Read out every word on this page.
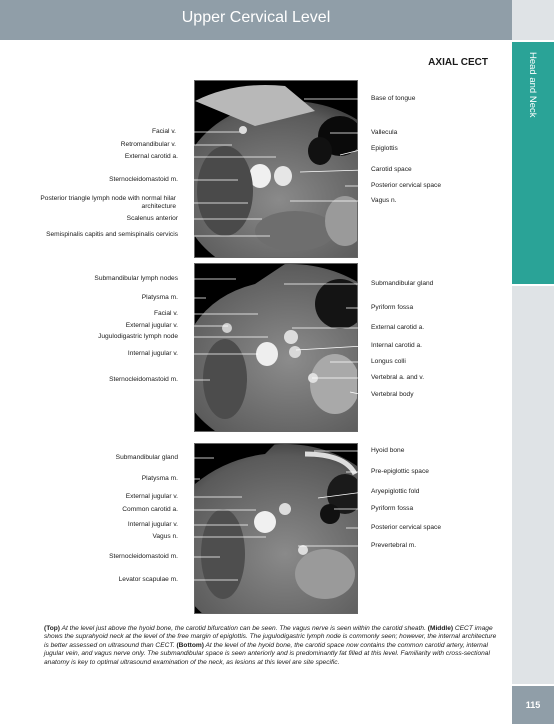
Upper Cervical Level
Head and Neck
115
AXIAL CECT
Facial v.
Retromandibular v.
External carotid a.
Sternocleidomastoid m.
Posterior triangle lymph node with normal hilar architecture
Scalenus anterior
Semispinalis capitis and semispinalis cervicis
Base of tongue
Vallecula
Epiglottis
Carotid space
Posterior cervical space
Vagus n.
Submandibular lymph nodes
Platysma m.
Facial v.
External jugular v.
Jugulodigastric lymph node
Internal jugular v.
Sternocleidomastoid m.
Submandibular gland
Pyriform fossa
External carotid a.
Internal carotid a.
Longus colli
Vertebral a. and v.
Vertebral body
Submandibular gland
Platysma m.
External jugular v.
Common carotid a.
Internal jugular v.
Vagus n.
Sternocleidomastoid m.
Levator scapulae m.
Hyoid bone
Pre-epiglottic space
Aryepiglottic fold
Pyriform fossa
Posterior cervical space
Prevertebral m.
(Top) At the level just above the hyoid bone, the carotid bifurcation can be seen. The vagus nerve is seen within the carotid sheath. (Middle) CECT image shows the suprahyoid neck at the level of the free margin of epiglottis. The jugulodigastric lymph node is commonly seen; however, the internal architecture is better assessed on ultrasound than CECT. (Bottom) At the level of the hyoid bone, the carotid space now contains the common carotid artery, internal jugular vein, and vagus nerve only. The submandibular space is seen anteriorly and is predominantly fat filled at this level. Familiarity with cross-sectional anatomy is key to optimal ultrasound examination of the neck, as lesions at this level are site specific.
